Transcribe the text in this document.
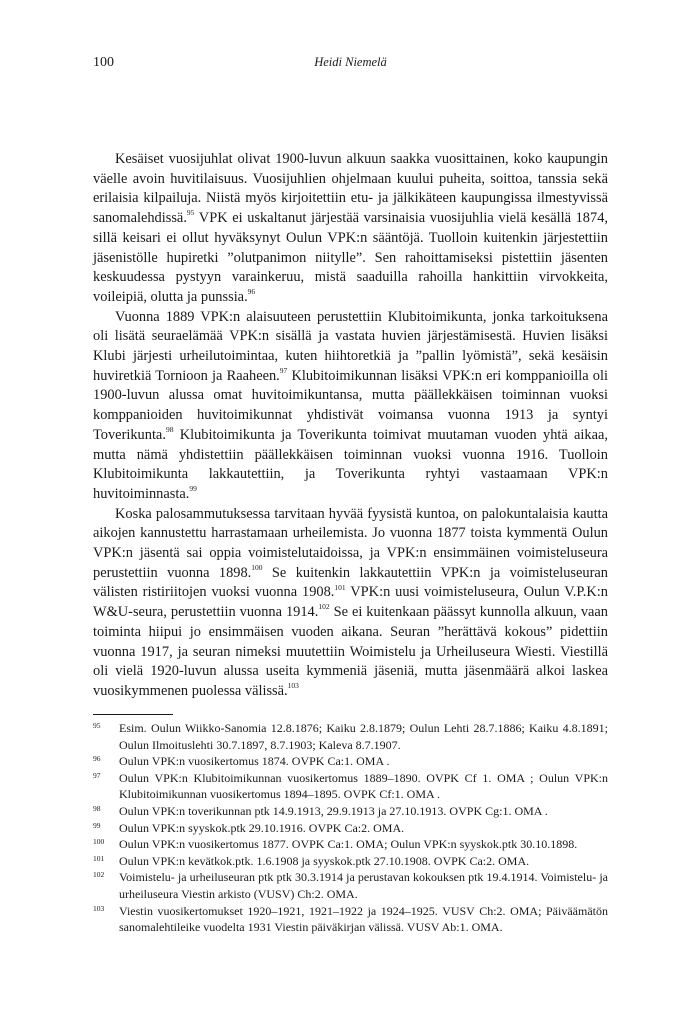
100	Heidi Niemelä

Kesäiset vuosijuhlat olivat 1900-luvun alkuun saakka vuosittainen, koko kaupungin väelle avoin huvitilaisuus. Vuosijuhlien ohjelmaan kuului puheita, soittoa, tanssia sekä erilaisia kilpailuja. Niistä myös kirjoitettiin etu- ja jälkikäteen kaupungissa ilmestyvissä sanomalehdissä.$^{95}$ VPK ei uskaltanut järjestää varsinaisia vuosijuhlia vielä kesällä 1874, sillä keisari ei ollut hyväksynyt Oulun VPK:n sääntöjä. Tuolloin kuitenkin järjestettiin jäsenistölle hupiretki ”olutpanimon niitylle”. Sen rahoittamiseksi pistettiin jäsenten keskuudessa pystyyn varainkeruu, mistä saaduilla rahoilla hankittiin virvokkeita, voileipiä, olutta ja punssia.$^{96}$

Vuonna 1889 VPK:n alaisuuteen perustettiin Klubitoimikunta, jonka tarkoituksena oli lisätä seuraelämää VPK:n sisällä ja vastata huvien järjestämisestä. Huvien lisäksi Klubi järjesti urheilutoimintaa, kuten hiihtoretkiä ja ”pallin lyömistä”, sekä kesäisin huviretkiä Tornioon ja Raaheen.$^{97}$ Klubitoimikunnan lisäksi VPK:n eri komppanioilla oli 1900-luvun alussa omat huvitoimikuntansa, mutta päällekkäisen toiminnan vuoksi komppanioiden huvitoimikunnat yhdistivät voimansa vuonna 1913 ja syntyi Toverikunta.$^{98}$ Klubitoimikunta ja Toverikunta toimivat muutaman vuoden yhtä aikaa, mutta nämä yhdistettiin päällekkäisen toiminnan vuoksi vuonna 1916. Tuolloin Klubitoimikunta lakkautettiin, ja Toverikunta ryhtyi vastaamaan VPK:n huvitoiminnasta.$^{99}$

Koska palosammutuksessa tarvitaan hyvää fyysistä kuntoa, on palokuntalaisia kautta aikojen kannustettu harrastamaan urheilemista. Jo vuonna 1877 toista kymmentä Oulun VPK:n jäsentä sai oppia voimistelutaidoissa, ja VPK:n ensimmäinen voimisteluseura perustettiin vuonna 1898.$^{100}$ Se kuitenkin lakkautettiin VPK:n ja voimisteluseuran välisten ristiriitojen vuoksi vuonna 1908.$^{101}$ VPK:n uusi voimisteluseura, Oulun V.P.K:n W&U-seura, perustettiin vuonna 1914.$^{102}$ Se ei kuitenkaan päässyt kunnolla alkuun, vaan toiminta hiipui jo ensimmäisen vuoden aikana. Seuran ”herättävä kokous” pidettiin vuonna 1917, ja seuran nimeksi muutettiin Woimistelu ja Urheiluseura Wiesti. Viestillä oli vielä 1920-luvun alussa useita kymmeniä jäseniä, mutta jäsenmäärä alkoi laskea vuosikymmenen puolessa välissä.$^{103}$

95 Esim. Oulun Wiikko-Sanomia 12.8.1876; Kaiku 2.8.1879; Oulun Lehti 28.7.1886; Kaiku 4.8.1891; Oulun Ilmoituslehti 30.7.1897, 8.7.1903; Kaleva 8.7.1907.
96 Oulun VPK:n vuosikertomus 1874. OVPK Ca:1. OMA .
97 Oulun VPK:n Klubitoimikunnan vuosikertomus 1889–1890. OVPK Cf 1. OMA ; Oulun VPK:n Klubitoimikunnan vuosikertomus 1894–1895. OVPK Cf:1. OMA .
98 Oulun VPK:n toverikunnan ptk 14.9.1913, 29.9.1913 ja 27.10.1913. OVPK Cg:1. OMA .
99 Oulun VPK:n syyskok.ptk 29.10.1916. OVPK Ca:2. OMA.
100 Oulun VPK:n vuosikertomus 1877. OVPK Ca:1. OMA; Oulun VPK:n syyskok.ptk 30.10.1898.
101 Oulun VPK:n kevätkok.ptk. 1.6.1908 ja syyskok.ptk 27.10.1908. OVPK Ca:2. OMA.
102 Voimistelu- ja urheiluseuran ptk ptk 30.3.1914 ja perustavan kokouksen ptk 19.4.1914. Voimistelu- ja urheiluseura Viestin arkisto (VUSV) Ch:2. OMA.
103 Viestin vuosikertomukset 1920–1921, 1921–1922 ja 1924–1925. VUSV Ch:2. OMA; Päiväämätön sanomalehtileike vuodelta 1931 Viestin päiväkirjan välissä. VUSV Ab:1. OMA.
